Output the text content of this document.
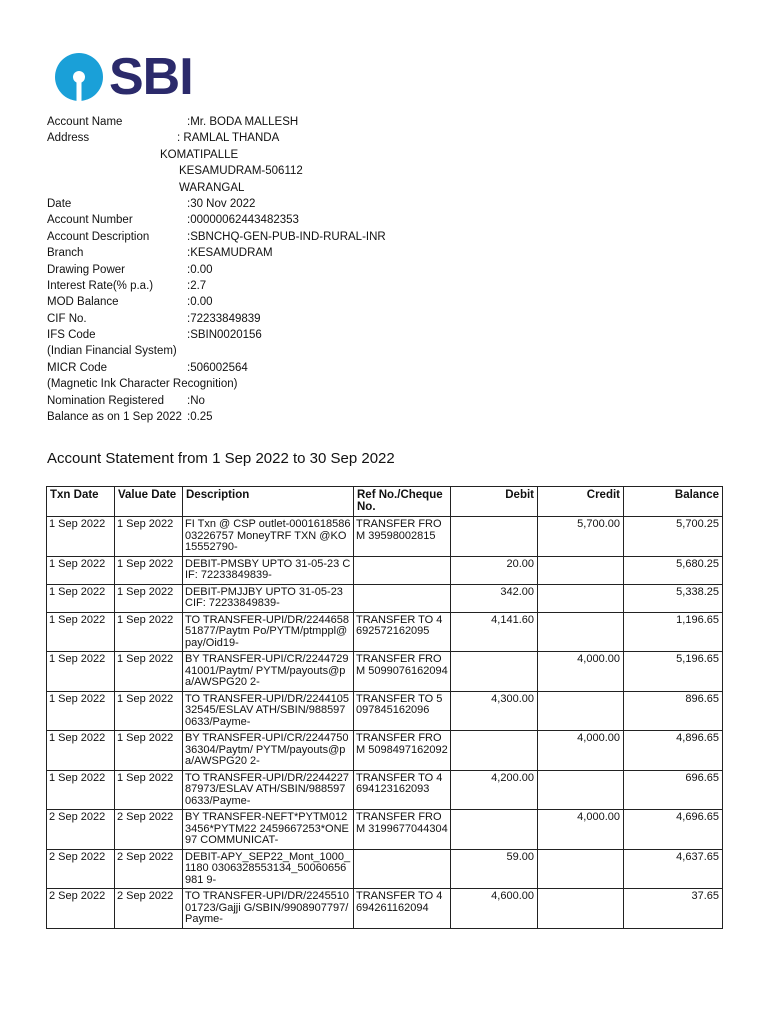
SBI
Account Name	:Mr. BODA MALLESH
Address	: RAMLAL THANDA
KOMATIPALLE
KESAMUDRAM-506112
WARANGAL
Date	:30 Nov 2022
Account Number	:00000062443482353
Account Description	:SBNCHQ-GEN-PUB-IND-RURAL-INR
Branch	:KESAMUDRAM
Drawing Power	:0.00
Interest Rate(% p.a.)	:2.7
MOD Balance	:0.00
CIF No.	:72233849839
IFS Code	:SBIN0020156
(Indian Financial System)
MICR Code	:506002564
(Magnetic Ink Character Recognition)
Nomination Registered :No
Balance as on 1 Sep 2022 :0.25
Account Statement from 1 Sep 2022 to 30 Sep 2022
Txn Date	Value Date	Description	Ref No./Cheque No.	Debit	Credit	Balance
1 Sep 2022	1 Sep 2022	FI Txn @ CSP outlet-000161858603226757 MoneyTRF TXN @KO 15552790-	TRANSFER FROM 39598002815		5,700.00	5,700.25
1 Sep 2022	1 Sep 2022	DEBIT-PMSBY UPTO 31-05-23 CIF: 72233849839-		20.00		5,680.25
1 Sep 2022	1 Sep 2022	DEBIT-PMJJBY UPTO 31-05-23 CIF: 72233849839-		342.00		5,338.25
1 Sep 2022	1 Sep 2022	TO TRANSFER-UPI/DR/224465851877/Paytm Po/PYTM/ptmppl@pay/Oid19-	TRANSFER TO 4692572162095	4,141.60		1,196.65
1 Sep 2022	1 Sep 2022	BY TRANSFER-UPI/CR/224472941001/Paytm/ PYTM/payouts@pa/AWSPG20 2-	TRANSFER FROM 5099076162094		4,000.00	5,196.65
1 Sep 2022	1 Sep 2022	TO TRANSFER-UPI/DR/224410532545/ESLAV ATH/SBIN/9885970633/Payme-	TRANSFER TO 5097845162096	4,300.00		896.65
1 Sep 2022	1 Sep 2022	BY TRANSFER-UPI/CR/224475036304/Paytm/ PYTM/payouts@pa/AWSPG20 2-	TRANSFER FROM 5098497162092		4,000.00	4,896.65
1 Sep 2022	1 Sep 2022	TO TRANSFER-UPI/DR/224422787973/ESLAV ATH/SBIN/9885970633/Payme-	TRANSFER TO 4694123162093	4,200.00		696.65
2 Sep 2022	2 Sep 2022	BY TRANSFER-NEFT*PYTM0123456*PYTM22 2459667253*ONE97 COMMUNICAT-	TRANSFER FROM 3199677044304		4,000.00	4,696.65
2 Sep 2022	2 Sep 2022	DEBIT-APY_SEP22_Mont_1000_1180 0306328553134_50060656981 9-		59.00		4,637.65
2 Sep 2022	2 Sep 2022	TO TRANSFER-UPI/DR/224551001723/Gajji G/SBIN/9908907797/Payme-	TRANSFER TO 4694261162094	4,600.00		37.65
